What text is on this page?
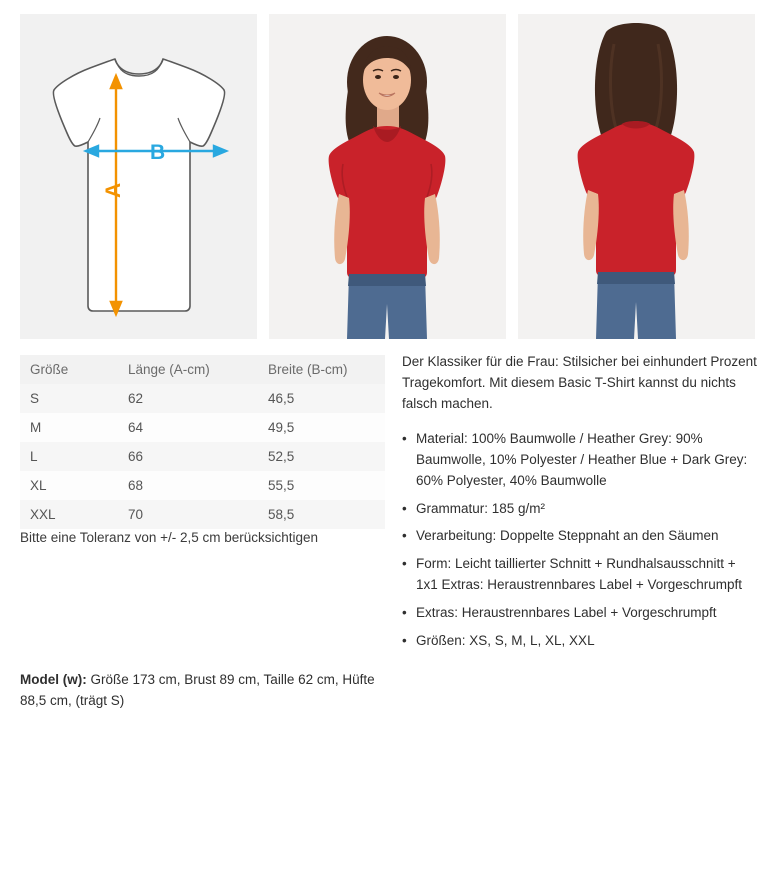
A
B
Größe	Länge (A-cm)	Breite (B-cm)
S	62	46,5
M	64	49,5
L	66	52,5
XL	68	55,5
XXL	70	58,5
Bitte eine Toleranz von +/- 2,5 cm berücksichtigen
Model (w): Größe 173 cm, Brust 89 cm, Taille 62 cm, Hüfte 88,5 cm, (trägt S)

Der Klassiker für die Frau: Stilsicher bei einhundert Prozent Tragekomfort. Mit diesem Basic T-Shirt kannst du nichts falsch machen.

• Material: 100% Baumwolle / Heather Grey: 90% Baumwolle, 10% Polyester / Heather Blue + Dark Grey: 60% Polyester, 40% Baumwolle
• Grammatur: 185 g/m²
• Verarbeitung: Doppelte Steppnaht an den Säumen
• Form: Leicht taillierter Schnitt + Rundhalsausschnitt + 1x1 Extras: Heraustrennbares Label + Vorgeschrumpft
• Extras: Heraustrennbares Label + Vorgeschrumpft
• Größen: XS, S, M, L, XL, XXL
